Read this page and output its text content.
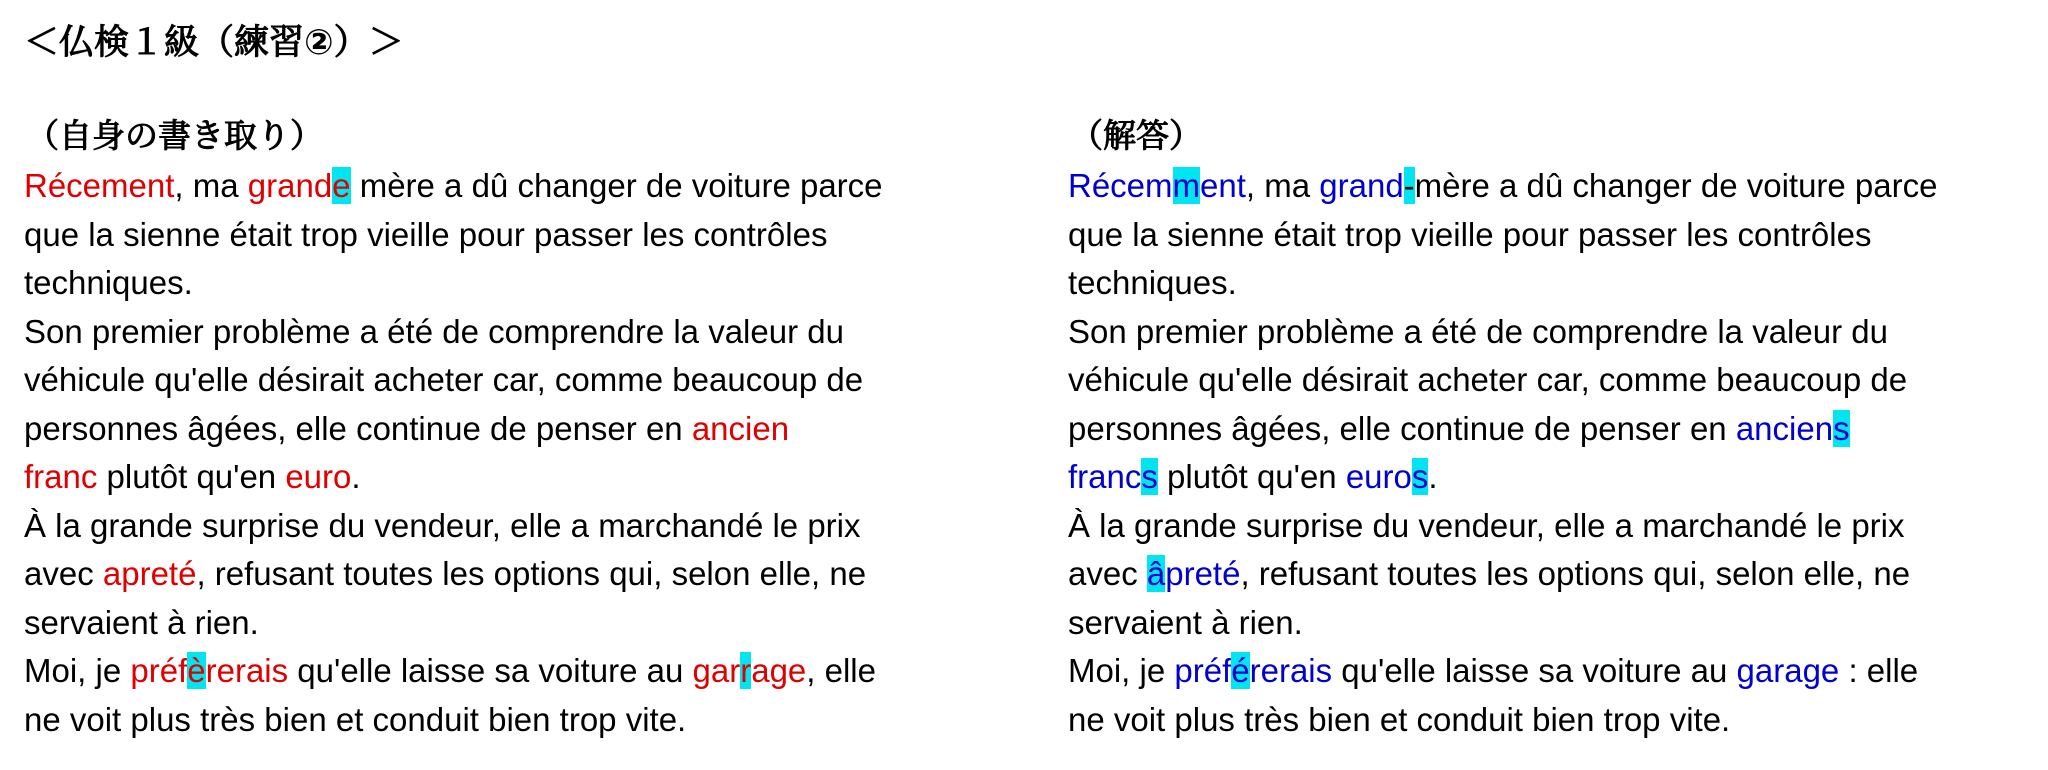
＜仏検１級（練習②）＞
（自身の書き取り）
Récement, ma grande mère a dû changer de voiture parce
que la sienne était trop vieille pour passer les contrôles
techniques.
Son premier problème a été de comprendre la valeur du
véhicule qu'elle désirait acheter car, comme beaucoup de
personnes âgées, elle continue de penser en ancien
franc plutôt qu'en euro.
À la grande surprise du vendeur, elle a marchandé le prix
avec apreté, refusant toutes les options qui, selon elle, ne
servaient à rien.
Moi, je préfèrerais qu'elle laisse sa voiture au garrage, elle
ne voit plus très bien et conduit bien trop vite.
（解答）
Récemment, ma grand-mère a dû changer de voiture parce
que la sienne était trop vieille pour passer les contrôles
techniques.
Son premier problème a été de comprendre la valeur du
véhicule qu'elle désirait acheter car, comme beaucoup de
personnes âgées, elle continue de penser en anciens
francs plutôt qu'en euros.
À la grande surprise du vendeur, elle a marchandé le prix
avec âpreté, refusant toutes les options qui, selon elle, ne
servaient à rien.
Moi, je préférerais qu'elle laisse sa voiture au garage : elle
ne voit plus très bien et conduit bien trop vite.
